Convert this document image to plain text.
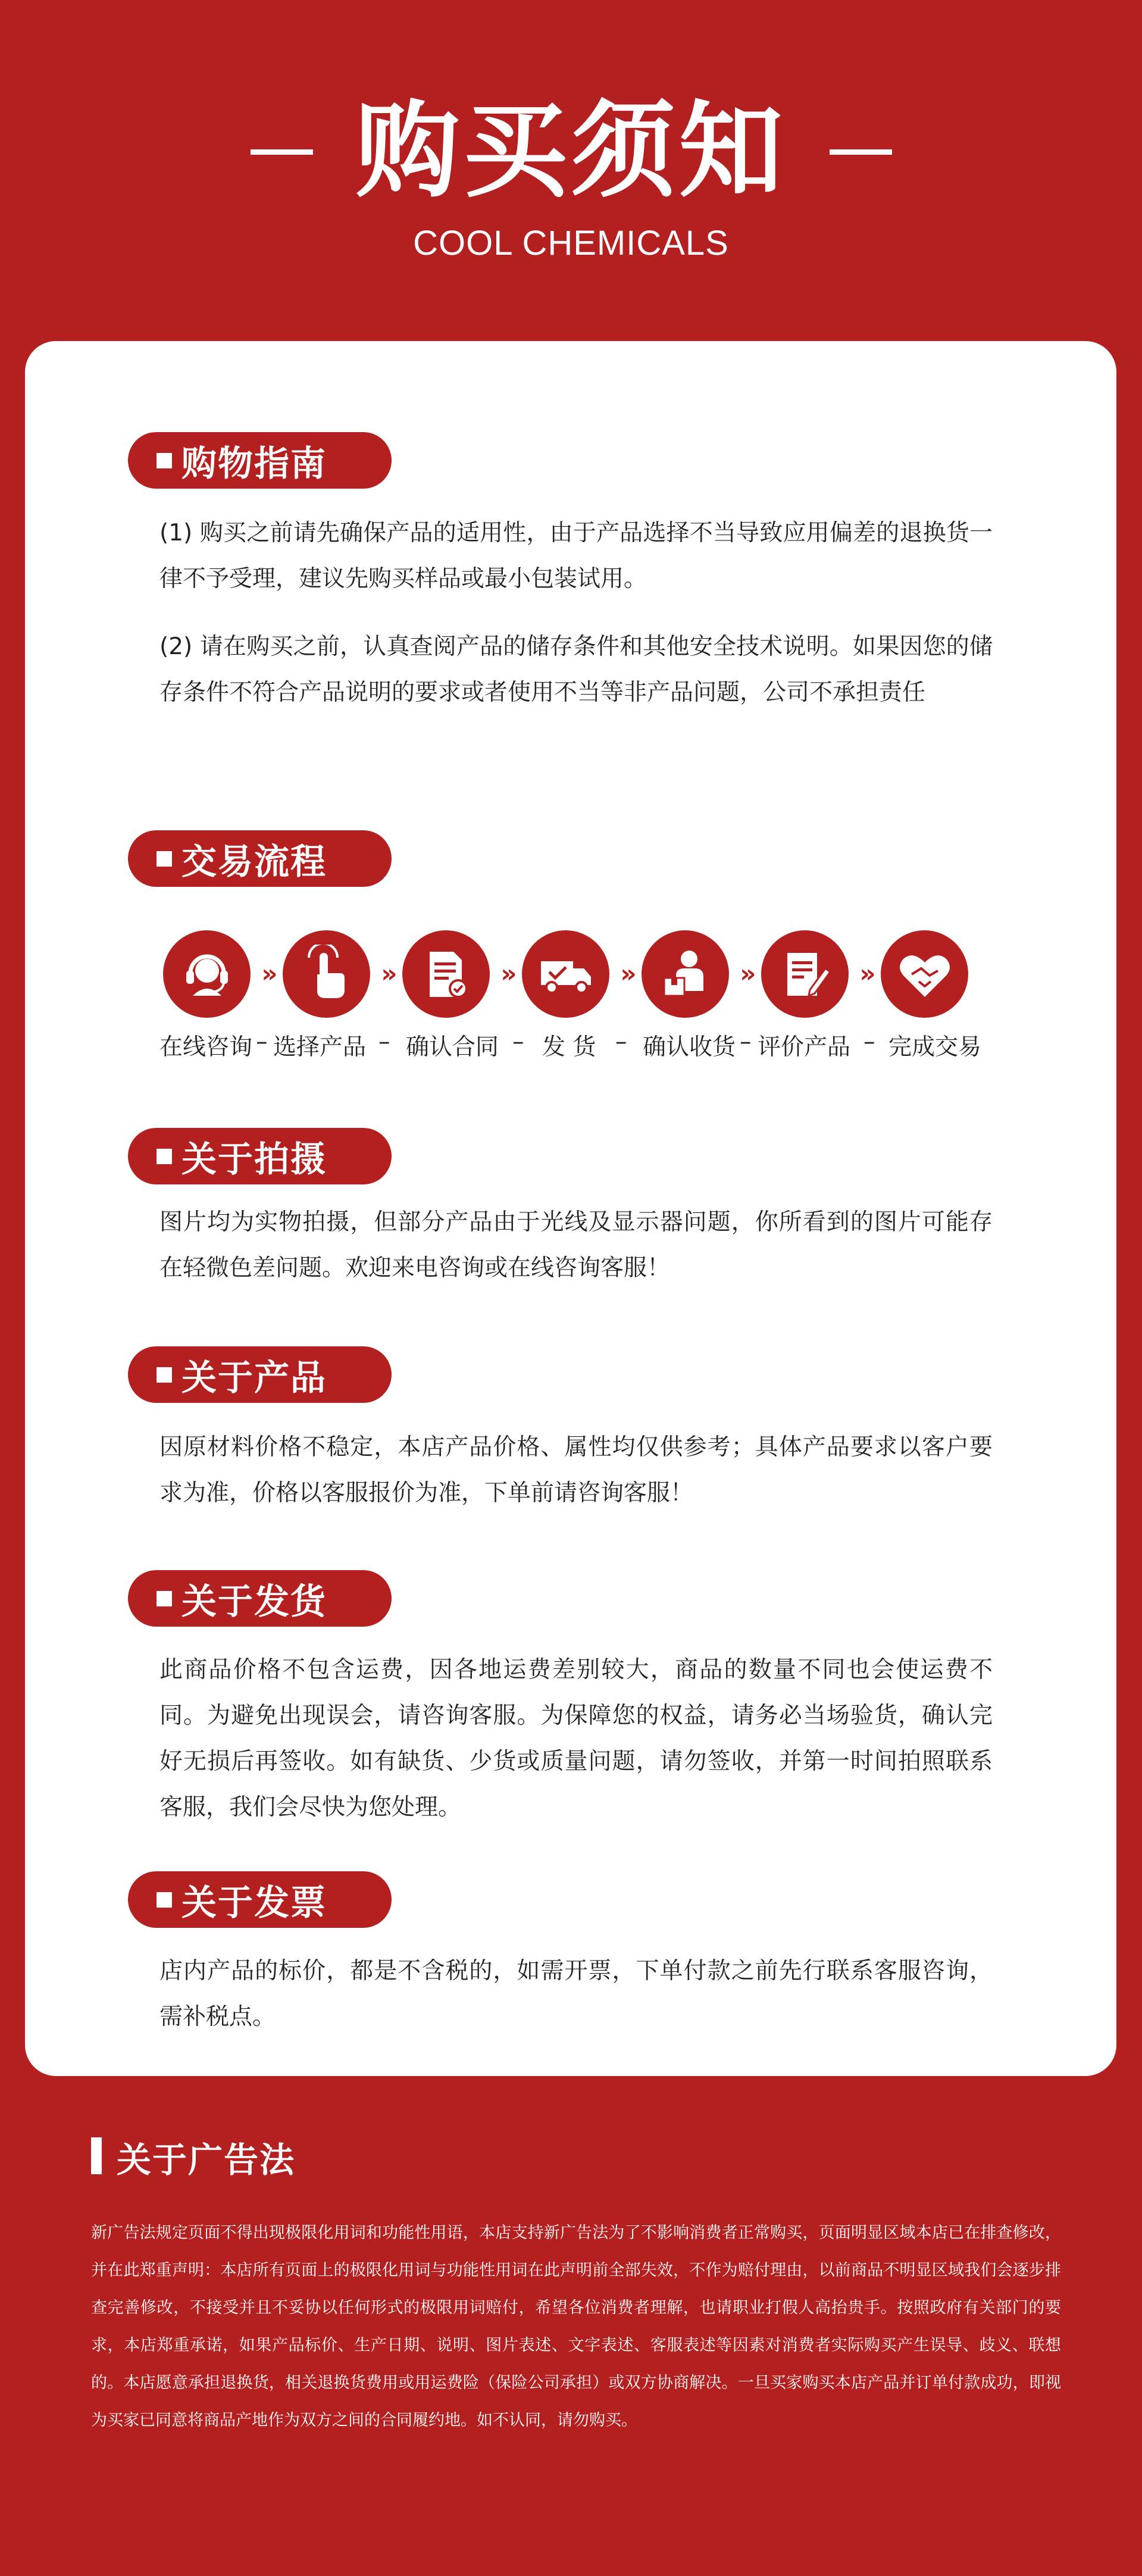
购买须知
COOL CHEMICALS
购物指南
(1) 购买之前请先确保产品的适用性，由于产品选择不当导致应用偏差的退换货一律不予受理，建议先购买样品或最小包装试用。
(2) 请在购买之前，认真查阅产品的储存条件和其他安全技术说明。如果因您的储存条件不符合产品说明的要求或者使用不当等非产品问题，公司不承担责任
交易流程
»	»	»	»	»	»
在线咨询 – 选择产品 – 确认合同 – 发 货 – 确认收货 – 评价产品 – 完成交易
关于拍摄
图片均为实物拍摄，但部分产品由于光线及显示器问题，你所看到的图片可能存在轻微色差问题。欢迎来电咨询或在线咨询客服！
关于产品
因原材料价格不稳定，本店产品价格、属性均仅供参考；具体产品要求以客户要求为准，价格以客服报价为准，下单前请咨询客服！
关于发货
此商品价格不包含运费，因各地运费差别较大，商品的数量不同也会使运费不同。为避免出现误会，请咨询客服。为保障您的权益，请务必当场验货，确认完好无损后再签收。如有缺货、少货或质量问题，请勿签收，并第一时间拍照联系客服，我们会尽快为您处理。
关于发票
店内产品的标价，都是不含税的，如需开票，下单付款之前先行联系客服咨询，需补税点。
关于广告法
新广告法规定页面不得出现极限化用词和功能性用语，本店支持新广告法为了不影响消费者正常购买，页面明显区域本店已在排查修改，并在此郑重声明：本店所有页面上的极限化用词与功能性用词在此声明前全部失效，不作为赔付理由，以前商品不明显区域我们会逐步排查完善修改，不接受并且不妥协以任何形式的极限用词赔付，希望各位消费者理解，也请职业打假人高抬贵手。按照政府有关部门的要求，本店郑重承诺，如果产品标价、生产日期、说明、图片表述、文字表述、客服表述等因素对消费者实际购买产生误导、歧义、联想的。本店愿意承担退换货，相关退换货费用或用运费险（保险公司承担）或双方协商解决。一旦买家购买本店产品并订单付款成功，即视为买家已同意将商品产地作为双方之间的合同履约地。如不认同，请勿购买。
